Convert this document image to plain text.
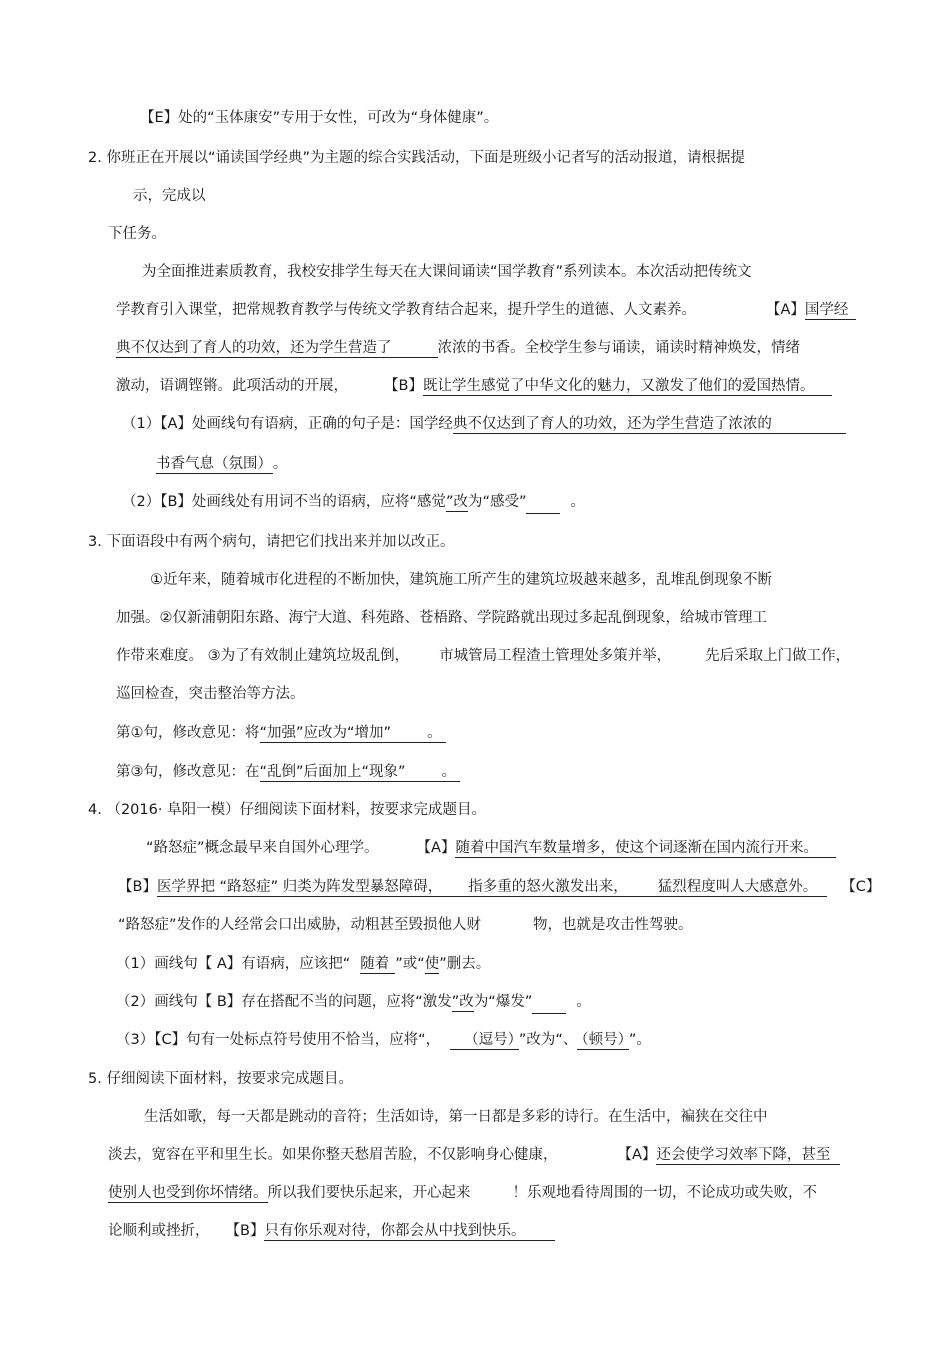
【E】处的“玉体康安”专用于女性，可改为“身体健康”。
2. 你班正在开展以“诵读国学经典”为主题的综合实践活动，下面是班级小记者写的活动报道，请根据提
示，完成以
下任务。
为全面推进素质教育，我校安排学生每天在大课间诵读“国学教育”系列读本。本次活动把传统文
学教育引入课堂，把常规教育教学与传统文学教育结合起来，提升学生的道德、人文素养。	【A】国学经
典不仅达到了育人的功效，还为学生营造了	浓浓的书香。全校学生参与诵读，诵读时精神焕发，情绪
激动，语调铿锵。此项活动的开展， 【B】既让学生感觉了中华文化的魅力，又激发了他们的爱国热情。
（1）【A】处画线句有语病，正确的句子是：国学经典不仅达到了育人的功效，还为学生营造了浓浓的
书香气息（氛围） 。
（2）【B】处画线处有用词不当的语病，应将“感觉”改为“感受”	。
3. 下面语段中有两个病句，请把它们找出来并加以改正。
①近年来，随着城市化进程的不断加快，建筑施工所产生的建筑垃圾越来越多，乱堆乱倒现象不断
加强。②仅新浦朝阳东路、海宁大道、科苑路、苍梧路、学院路就出现过多起乱倒现象，给城市管理工
作带来难度。 ③为了有效制止建筑垃圾乱倒， 市城管局工程渣土管理处多策并举， 先后采取上门做工作，
巡回检查，突击整治等方法。
第①句，修改意见：将“加强”应改为“增加” 。
第③句，修改意见：在“乱倒”后面加上“现象” 。
4. （2016· 阜阳一模）仔细阅读下面材料，按要求完成题目。
“路怒症”概念最早来自国外心理学。	【A】随着中国汽车数量增多，使这个词逐渐在国内流行开来。
【B】医学界把 “路怒症” 归类为阵发型暴怒障碍， 指多重的怒火激发出来， 猛烈程度叫人大感意外。 【C】
“路怒症”发作的人经常会口出威胁，动粗甚至毁损他人财	物，也就是攻击性驾驶。
（1）画线句【 A】有语病，应该把“ 随着 ”或“使”删去。
（2）画线句【 B】存在搭配不当的问题，应将“激发”改为“爆发”	。
（3）【C】句有一处标点符号使用不恰当，应将“， （逗号） ”改为“、 （顿号） ”。
5. 仔细阅读下面材料，按要求完成题目。
生活如歌，每一天都是跳动的音符；生活如诗，第一日都是多彩的诗行。在生活中，褊狭在交往中
淡去，宽容在平和里生长。如果你整天愁眉苦脸，不仅影响身心健康，	【A】还会使学习效率下降，甚至
使别人也受到你坏情绪。所以我们要快乐起来，开心起来	！乐观地看待周围的一切，不论成功或失败，不
论顺利或挫折， 【B】只有你乐观对待，你都会从中找到快乐。
